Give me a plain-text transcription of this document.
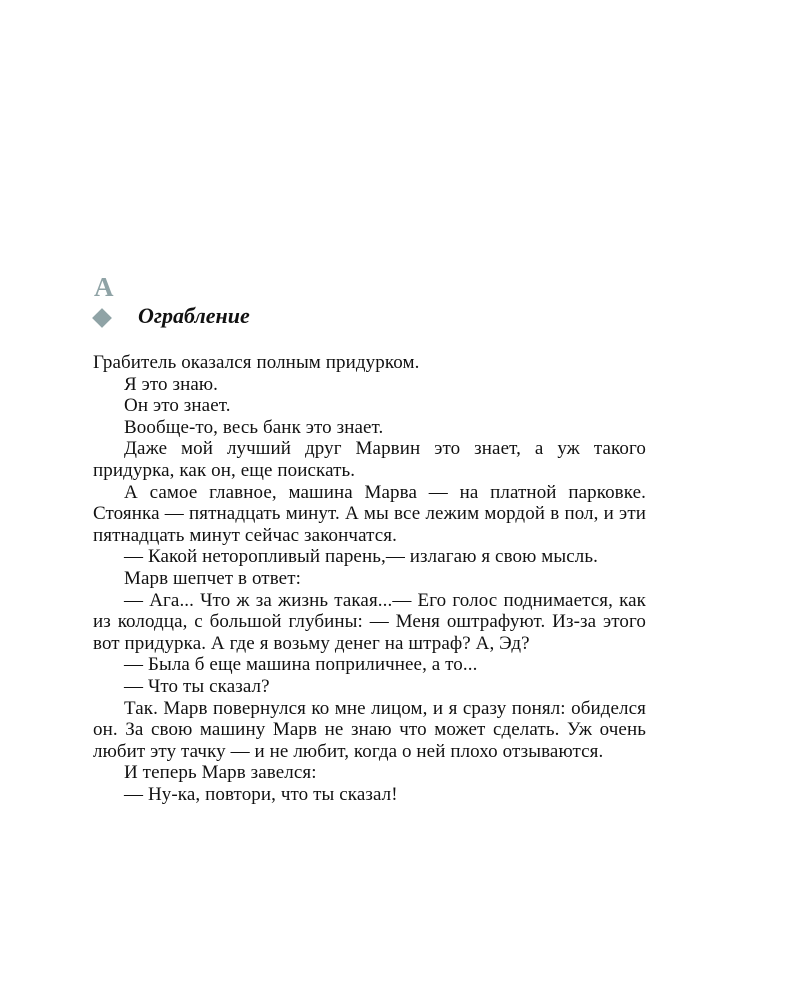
А
Ограбление

Грабитель оказался полным придурком.

Я это знаю.

Он это знает.

Вообще-то, весь банк это знает.

Даже мой лучший друг Марвин это знает, а уж такого придурка, как он, еще поискать.

А самое главное, машина Марва — на платной парковке. Стоянка — пятнадцать минут. А мы все лежим мордой в пол, и эти пятнадцать минут сейчас закончатся.

— Какой неторопливый парень,— излагаю я свою мысль.

Марв шепчет в ответ:

— Ага... Что ж за жизнь такая...— Его голос поднимается, как из колодца, с большой глубины: — Меня оштрафуют. Из-за этого вот придурка. А где я возьму денег на штраф? А, Эд?

— Была б еще машина поприличнее, а то...

— Что ты сказал?

Так. Марв повернулся ко мне лицом, и я сразу понял: обиделся он. За свою машину Марв не знаю что может сделать. Уж очень любит эту тачку — и не любит, когда о ней плохо отзываются.

И теперь Марв завелся:

— Ну-ка, повтори, что ты сказал!
